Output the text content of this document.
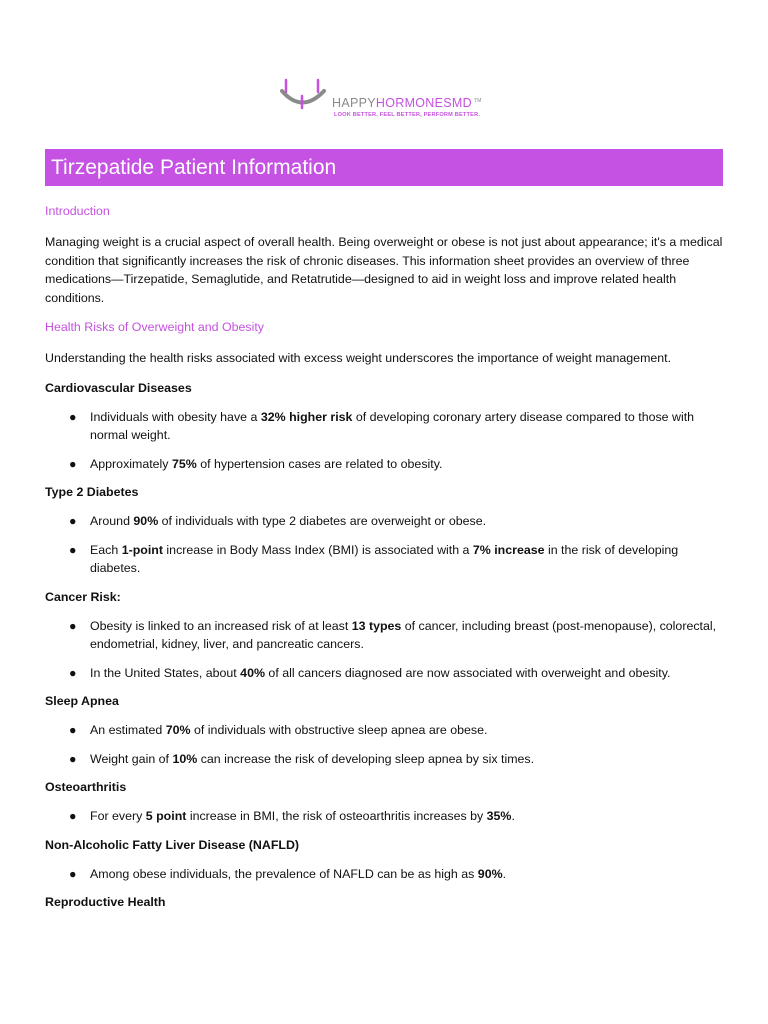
HAPPYHORMONESMD ™
LOOK BETTER, FEEL BETTER, PERFORM BETTER.
Tirzepatide Patient Information
Introduction

Managing weight is a crucial aspect of overall health. Being overweight or obese is not just about appearance; it's a medical condition that significantly increases the risk of chronic diseases. This information sheet provides an overview of three medications—Tirzepatide, Semaglutide, and Retatrutide—designed to aid in weight loss and improve related health conditions.

Health Risks of Overweight and Obesity

Understanding the health risks associated with excess weight underscores the importance of weight management.

Cardiovascular Diseases
● Individuals with obesity have a 32% higher risk of developing coronary artery disease compared to those with normal weight.
● Approximately 75% of hypertension cases are related to obesity.
Type 2 Diabetes
● Around 90% of individuals with type 2 diabetes are overweight or obese.
● Each 1-point increase in Body Mass Index (BMI) is associated with a 7% increase in the risk of developing diabetes.
Cancer Risk:
● Obesity is linked to an increased risk of at least 13 types of cancer, including breast (post-menopause), colorectal, endometrial, kidney, liver, and pancreatic cancers.
● In the United States, about 40% of all cancers diagnosed are now associated with overweight and obesity.
Sleep Apnea
● An estimated 70% of individuals with obstructive sleep apnea are obese.
● Weight gain of 10% can increase the risk of developing sleep apnea by six times.
Osteoarthritis
● For every 5 point increase in BMI, the risk of osteoarthritis increases by 35%.
Non-Alcoholic Fatty Liver Disease (NAFLD)
● Among obese individuals, the prevalence of NAFLD can be as high as 90%.
Reproductive Health
